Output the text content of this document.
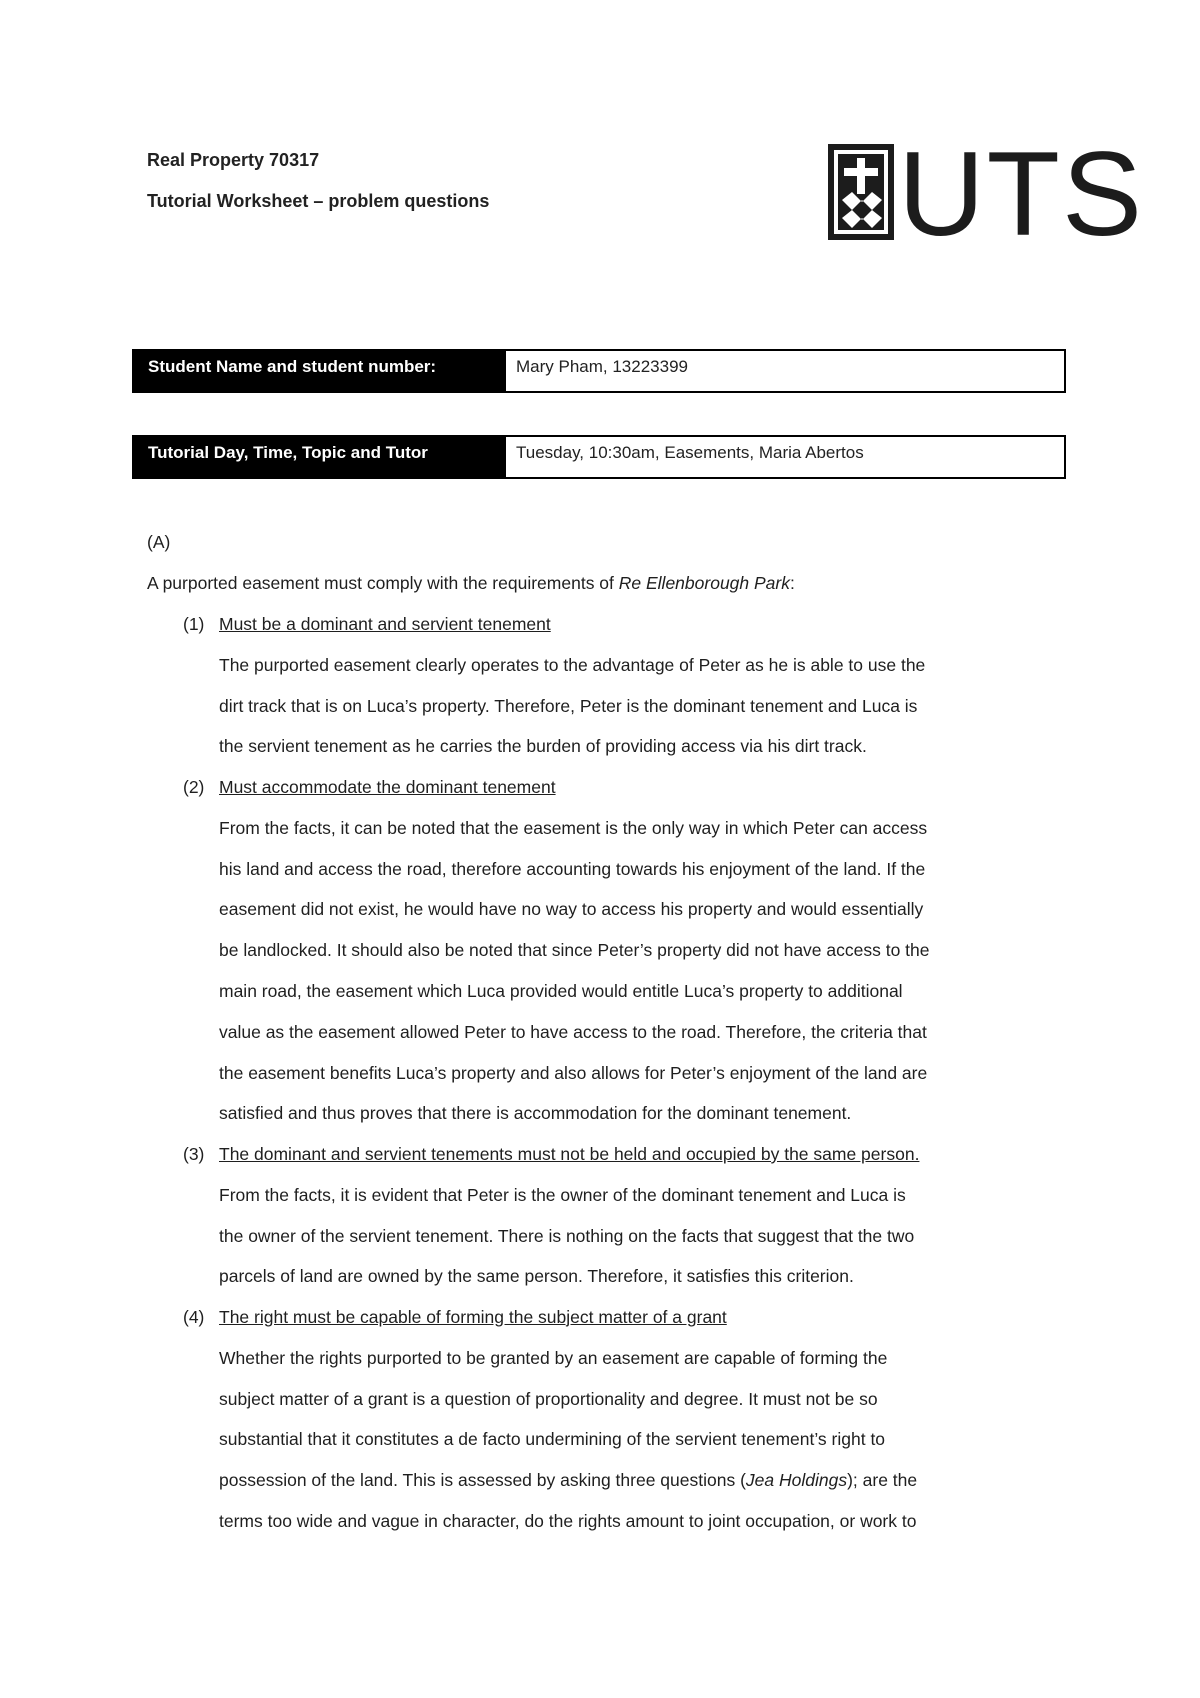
Real Property 70317
Tutorial Worksheet – problem questions	UTS
Student Name and student number:	Mary Pham, 13223399
Tutorial Day, Time, Topic and Tutor	Tuesday, 10:30am, Easements, Maria Abertos
(A)
A purported easement must comply with the requirements of Re Ellenborough Park:
(1) Must be a dominant and servient tenement

The purported easement clearly operates to the advantage of Peter as he is able to use the

dirt track that is on Luca’s property. Therefore, Peter is the dominant tenement and Luca is

the servient tenement as he carries the burden of providing access via his dirt track.

(2) Must accommodate the dominant tenement

From the facts, it can be noted that the easement is the only way in which Peter can access

his land and access the road, therefore accounting towards his enjoyment of the land. If the

easement did not exist, he would have no way to access his property and would essentially

be landlocked. It should also be noted that since Peter’s property did not have access to the

main road, the easement which Luca provided would entitle Luca’s property to additional

value as the easement allowed Peter to have access to the road. Therefore, the criteria that

the easement benefits Luca’s property and also allows for Peter’s enjoyment of the land are

satisfied and thus proves that there is accommodation for the dominant tenement.

(3) The dominant and servient tenements must not be held and occupied by the same person.

From the facts, it is evident that Peter is the owner of the dominant tenement and Luca is

the owner of the servient tenement. There is nothing on the facts that suggest that the two

parcels of land are owned by the same person. Therefore, it satisfies this criterion.

(4) The right must be capable of forming the subject matter of a grant

Whether the rights purported to be granted by an easement are capable of forming the

subject matter of a grant is a question of proportionality and degree. It must not be so

substantial that it constitutes a de facto undermining of the servient tenement’s right to

possession of the land. This is assessed by asking three questions (Jea Holdings); are the

terms too wide and vague in character, do the rights amount to joint occupation, or work to
